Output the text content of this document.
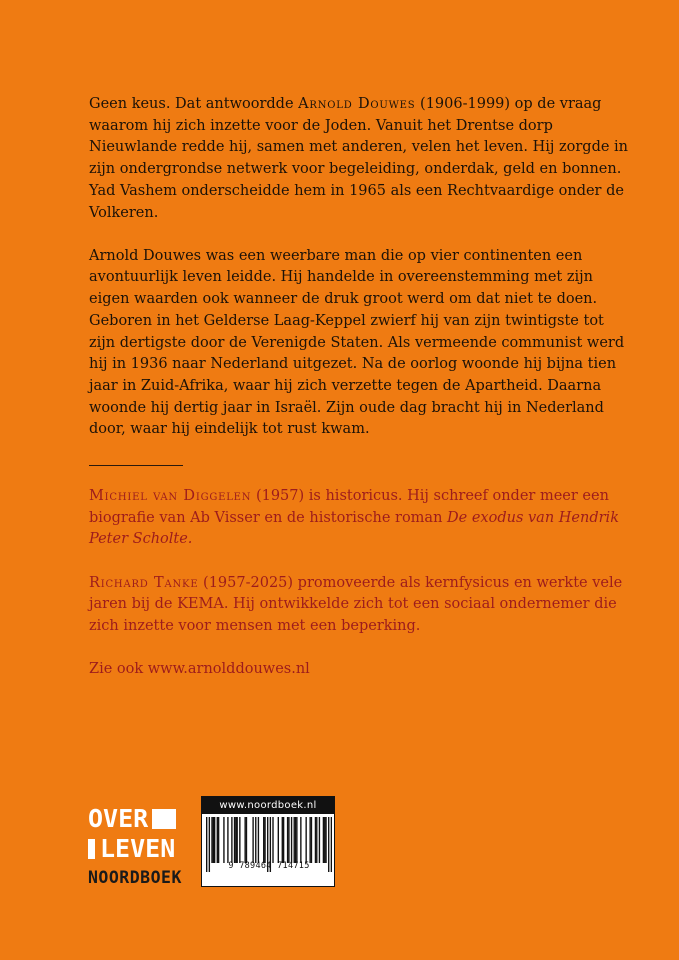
Geen keus. Dat antwoordde Arnold Douwes (1906-1999) op de vraag waarom hij zich inzette voor de Joden. Vanuit het Drentse dorp Nieuwlande redde hij, samen met anderen, velen het leven. Hij zorgde in zijn ondergrondse netwerk voor begeleiding, onderdak, geld en bonnen. Yad Vashem onderscheidde hem in 1965 als een Rechtvaardige onder de Volkeren.

Arnold Douwes was een weerbare man die op vier continenten een avontuurlijk leven leidde. Hij handelde in overeenstemming met zijn eigen waarden ook wanneer de druk groot werd om dat niet te doen. Geboren in het Gelderse Laag-Keppel zwierf hij van zijn twintigste tot zijn dertigste door de Verenigde Staten. Als vermeende communist werd hij in 1936 naar Nederland uitgezet. Na de oorlog woonde hij bijna tien jaar in Zuid-Afrika, waar hij zich verzette tegen de Apartheid. Daarna woonde hij dertig jaar in Israël. Zijn oude dag bracht hij in Nederland door, waar hij eindelijk tot rust kwam.

Michiel van Diggelen (1957) is historicus. Hij schreef onder meer een biografie van Ab Visser en de historische roman De exodus van Hendrik Peter Scholte.

Richard Tanke (1957-2025) promoveerde als kernfysicus en werkte vele jaren bij de KEMA. Hij ontwikkelde zich tot een sociaal ondernemer die zich inzette voor mensen met een beperking.

Zie ook www.arnolddouwes.nl

OVER
LEVEN
NOORDBOEK
www.noordboek.nl
9 789464 714715
